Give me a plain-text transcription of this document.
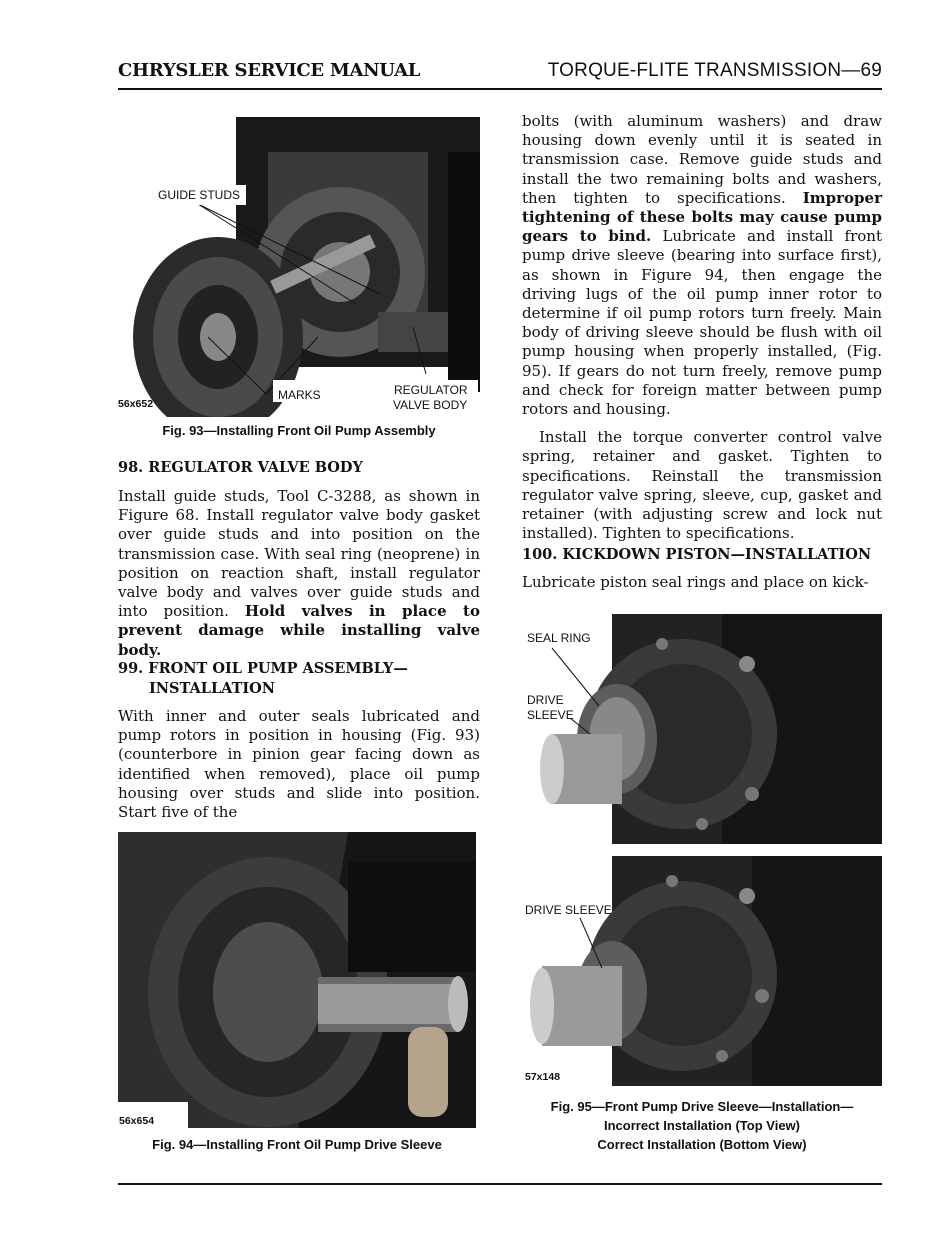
CHRYSLER SERVICE MANUAL	TORQUE-FLITE TRANSMISSION—69
GUIDE STUDS
MARKS	REGULATOR
VALVE BODY
56x652
Fig. 93—Installing Front Oil Pump Assembly
98. REGULATOR VALVE BODY

Install guide studs, Tool C-3288, as shown in Figure 68. Install regulator valve body gasket over guide studs and into position on the transmission case. With seal ring (neoprene) in position on reaction shaft, install regulator valve body and valves over guide studs and into position. Hold valves in place to prevent damage while installing valve body.

99. FRONT OIL PUMP ASSEMBLY—
INSTALLATION

With inner and outer seals lubricated and pump rotors in position in housing (Fig. 93) (counterbore in pinion gear facing down as identified when removed), place oil pump housing over studs and slide into position. Start five of the

56x654
Fig. 94—Installing Front Oil Pump Drive Sleeve

bolts (with aluminum washers) and draw housing down evenly until it is seated in transmission case. Remove guide studs and install the two remaining bolts and washers, then tighten to specifications. Improper tightening of these bolts may cause pump gears to bind. Lubricate and install front pump drive sleeve (bearing into surface first), as shown in Figure 94, then engage the driving lugs of the oil pump inner rotor to determine if oil pump rotors turn freely. Main body of driving sleeve should be flush with oil pump housing when properly installed, (Fig. 95). If gears do not turn freely, remove pump and check for foreign matter between pump rotors and housing.

Install the torque converter control valve spring, retainer and gasket. Tighten to specifications. Reinstall the transmission regulator valve spring, sleeve, cup, gasket and retainer (with adjusting screw and lock nut installed). Tighten to specifications.

100. KICKDOWN PISTON—INSTALLATION

Lubricate piston seal rings and place on kick-

SEAL RING
DRIVE
SLEEVE
DRIVE SLEEVE
57x148
Fig. 95—Front Pump Drive Sleeve—Installation—
Incorrect Installation (Top View)
Correct Installation (Bottom View)
